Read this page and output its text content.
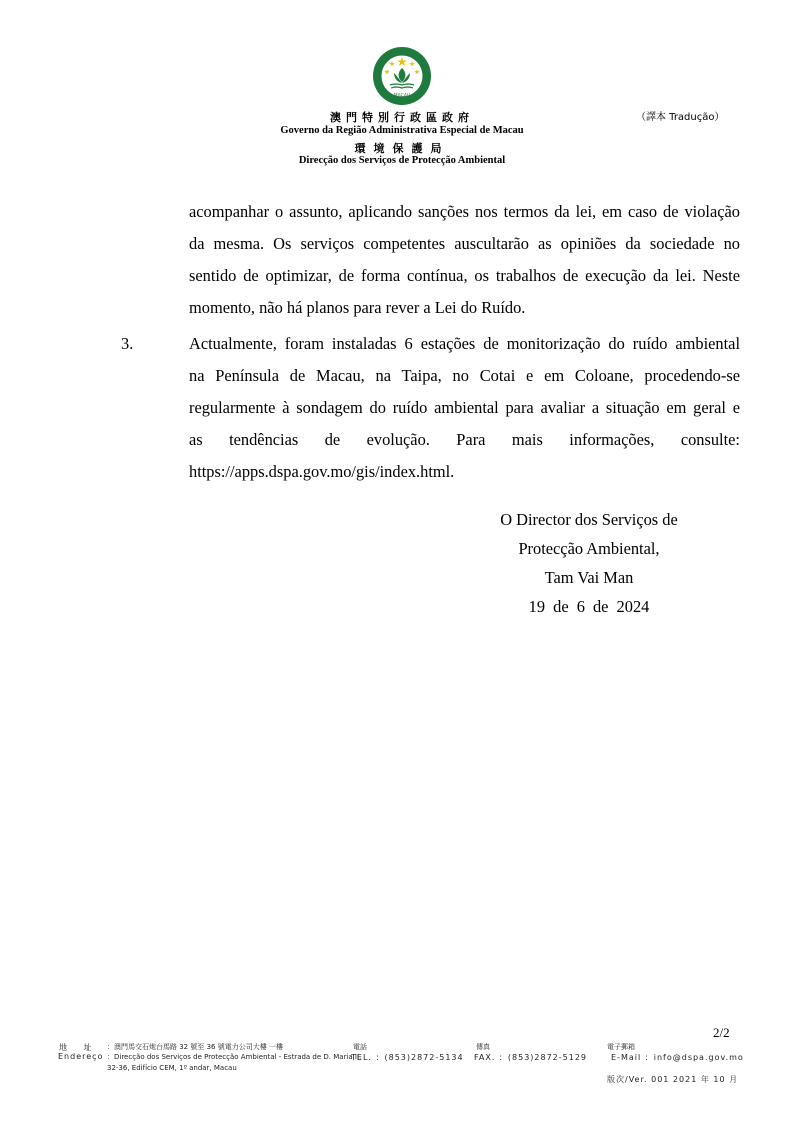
MACAU
澳門特別行政區政府
Governo da Região Administrativa Especial de Macau
環境保護局
Direcção dos Serviços de Protecção Ambiental
（譯本 Tradução）
acompanhar o assunto, aplicando sanções nos termos da lei, em caso de violação
da mesma. Os serviços competentes auscultarão as opiniões da sociedade no
sentido de optimizar, de forma contínua, os trabalhos de execução da lei. Neste
momento, não há planos para rever a Lei do Ruído.
3.	Actualmente, foram instaladas 6 estações de monitorização do ruído ambiental
na Península de Macau, na Taipa, no Cotai e em Coloane, procedendo-se
regularmente à sondagem do ruído ambiental para avaliar a situação em geral e
as tendências de evolução. Para mais informações, consulte:
https://apps.dspa.gov.mo/gis/index.html.
O Director dos Serviços de
Protecção Ambiental,
Tam Vai Man
19 de 6 de 2024
2/2
地 址
Endereço
：澳門馬交石炮台馬路 32 號至 36 號電力公司大樓 一樓
：Direcção dos Serviços de Protecção Ambiental - Estrada de D. Maria II,
32-36, Edifício CEM, 1º andar, Macau
電話
TEL. ：(853)2872-5134
傳真
FAX. ：(853)2872-5129
電子郵箱
E-Mail ：info@dspa.gov.mo
版次/Ver. 001 2021 年 10 月
